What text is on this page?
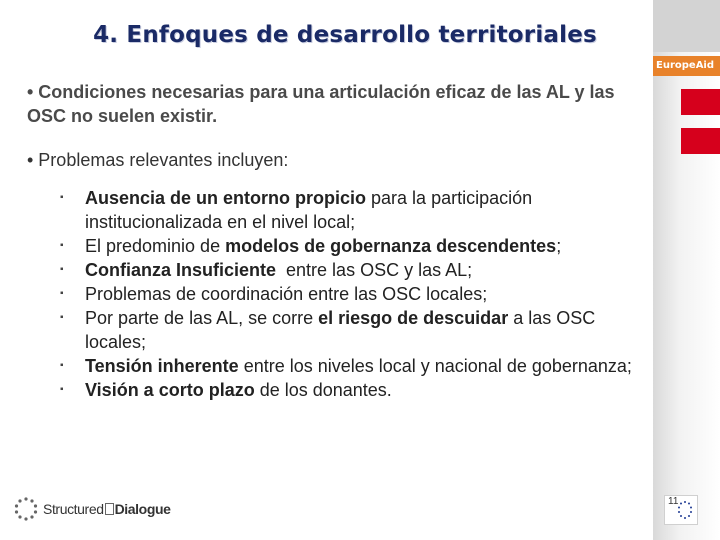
EuropeAid
4. Enfoques de desarrollo territoriales

• Condiciones necesarias para una articulación eficaz de las AL y las OSC no suelen existir.

• Problemas relevantes incluyen:

▪ Ausencia de un entorno propicio para la participación institucionalizada en el nivel local;
▪ El predominio de modelos de gobernanza descendentes;
▪ Confianza Insuficiente  entre las OSC y las AL;
▪ Problemas de coordinación entre las OSC locales;
▪ Por parte de las AL, se corre el riesgo de descuidar a las OSC locales;
▪ Tensión inherente entre los niveles local y nacional de gobernanza;
▪ Visión a corto plazo de los donantes.
Structured Dialogue	11
